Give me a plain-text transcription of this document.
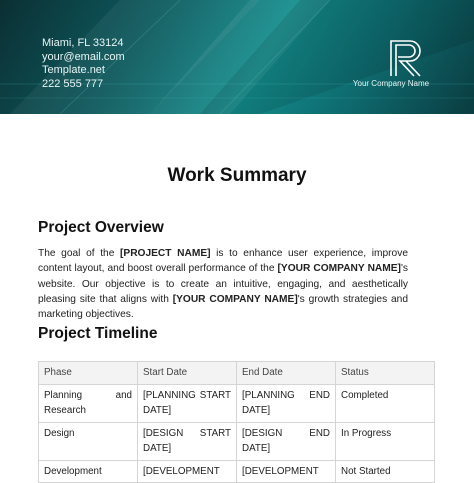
Miami, FL 33124
your@email.com
Template.net
222 555 777	Your Company Name
Work Summary
Project Overview
The goal of the [PROJECT NAME] is to enhance user experience, improve content layout, and boost overall performance of the [YOUR COMPANY NAME]'s website. Our objective is to create an intuitive, engaging, and aesthetically pleasing site that aligns with [YOUR COMPANY NAME]'s growth strategies and marketing objectives.
Project Timeline
Phase	Start Date	End Date	Status
Planning and Research	[PLANNING START DATE]	[PLANNING END DATE]	Completed
Design	[DESIGN START DATE]	[DESIGN END DATE]	In Progress
Development	[DEVELOPMENT	[DEVELOPMENT	Not Started
